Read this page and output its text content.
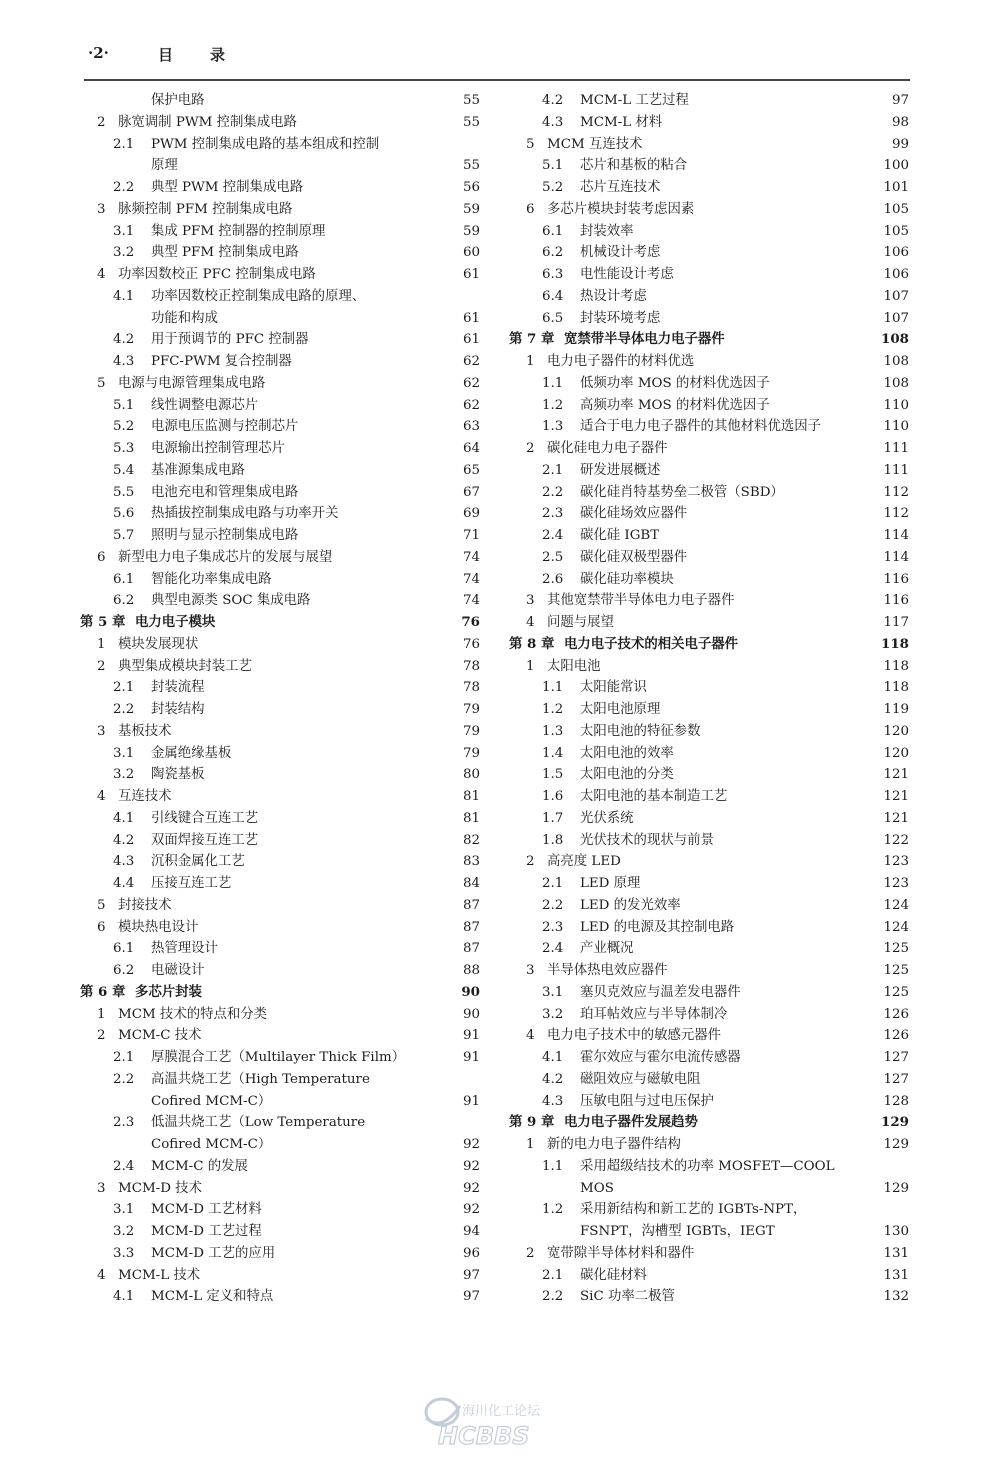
·2·	目 录
保护电路	55
2 脉宽调制 PWM 控制集成电路	55
2.1 PWM 控制集成电路的基本组成和控制
原理	55
2.2 典型 PWM 控制集成电路	56
3 脉频控制 PFM 控制集成电路	59
3.1 集成 PFM 控制器的控制原理	59
3.2 典型 PFM 控制集成电路	60
4 功率因数校正 PFC 控制集成电路	61
4.1 功率因数校正控制集成电路的原理、
功能和构成	61
4.2 用于预调节的 PFC 控制器	61
4.3 PFC-PWM 复合控制器	62
5 电源与电源管理集成电路	62
5.1 线性调整电源芯片	62
5.2 电源电压监测与控制芯片	63
5.3 电源输出控制管理芯片	64
5.4 基准源集成电路	65
5.5 电池充电和管理集成电路	67
5.6 热插拔控制集成电路与功率开关	69
5.7 照明与显示控制集成电路	71
6 新型电力电子集成芯片的发展与展望	74
6.1 智能化功率集成电路	74
6.2 典型电源类 SOC 集成电路	74
第 5 章 电力电子模块	76
1 模块发展现状	76
2 典型集成模块封装工艺	78
2.1 封装流程	78
2.2 封装结构	79
3 基板技术	79
3.1 金属绝缘基板	79
3.2 陶瓷基板	80
4 互连技术	81
4.1 引线键合互连工艺	81
4.2 双面焊接互连工艺	82
4.3 沉积金属化工艺	83
4.4 压接互连工艺	84
5 封接技术	87
6 模块热电设计	87
6.1 热管理设计	87
6.2 电磁设计	88
第 6 章 多芯片封装	90
1 MCM 技术的特点和分类	90
2 MCM-C 技术	91
2.1 厚膜混合工艺（Multilayer Thick Film）	91
2.2 高温共烧工艺（High Temperature
Cofired MCM-C）	91
2.3 低温共烧工艺（Low Temperature
Cofired MCM-C）	92
2.4 MCM-C 的发展	92
3 MCM-D 技术	92
3.1 MCM-D 工艺材料	92
3.2 MCM-D 工艺过程	94
3.3 MCM-D 工艺的应用	96
4 MCM-L 技术	97
4.1 MCM-L 定义和特点	97
4.2 MCM-L 工艺过程	97
4.3 MCM-L 材料	98
5 MCM 互连技术	99
5.1 芯片和基板的粘合	100
5.2 芯片互连技术	101
6 多芯片模块封装考虑因素	105
6.1 封装效率	105
6.2 机械设计考虑	106
6.3 电性能设计考虑	106
6.4 热设计考虑	107
6.5 封装环境考虑	107
第 7 章 宽禁带半导体电力电子器件	108
1 电力电子器件的材料优选	108
1.1 低频功率 MOS 的材料优选因子	108
1.2 高频功率 MOS 的材料优选因子	110
1.3 适合于电力电子器件的其他材料优选因子	110
2 碳化硅电力电子器件	111
2.1 研发进展概述	111
2.2 碳化硅肖特基势垒二极管（SBD）	112
2.3 碳化硅场效应器件	112
2.4 碳化硅 IGBT	114
2.5 碳化硅双极型器件	114
2.6 碳化硅功率模块	116
3 其他宽禁带半导体电力电子器件	116
4 问题与展望	117
第 8 章 电力电子技术的相关电子器件	118
1 太阳电池	118
1.1 太阳能常识	118
1.2 太阳电池原理	119
1.3 太阳电池的特征参数	120
1.4 太阳电池的效率	120
1.5 太阳电池的分类	121
1.6 太阳电池的基本制造工艺	121
1.7 光伏系统	121
1.8 光伏技术的现状与前景	122
2 高亮度 LED	123
2.1 LED 原理	123
2.2 LED 的发光效率	124
2.3 LED 的电源及其控制电路	124
2.4 产业概况	125
3 半导体热电效应器件	125
3.1 塞贝克效应与温差发电器件	125
3.2 珀耳帖效应与半导体制冷	126
4 电力电子技术中的敏感元器件	126
4.1 霍尔效应与霍尔电流传感器	127
4.2 磁阻效应与磁敏电阻	127
4.3 压敏电阻与过电压保护	128
第 9 章 电力电子器件发展趋势	129
1 新的电力电子器件结构	129
1.1 采用超级结技术的功率 MOSFET—COOL
MOS	129
1.2 采用新结构和新工艺的 IGBTs-NPT，
FSNPT，沟槽型 IGBTs，IEGT	130
2 宽带隙半导体材料和器件	131
2.1 碳化硅材料	131
2.2 SiC 功率二极管	132
海川化工论坛
HCBBS
